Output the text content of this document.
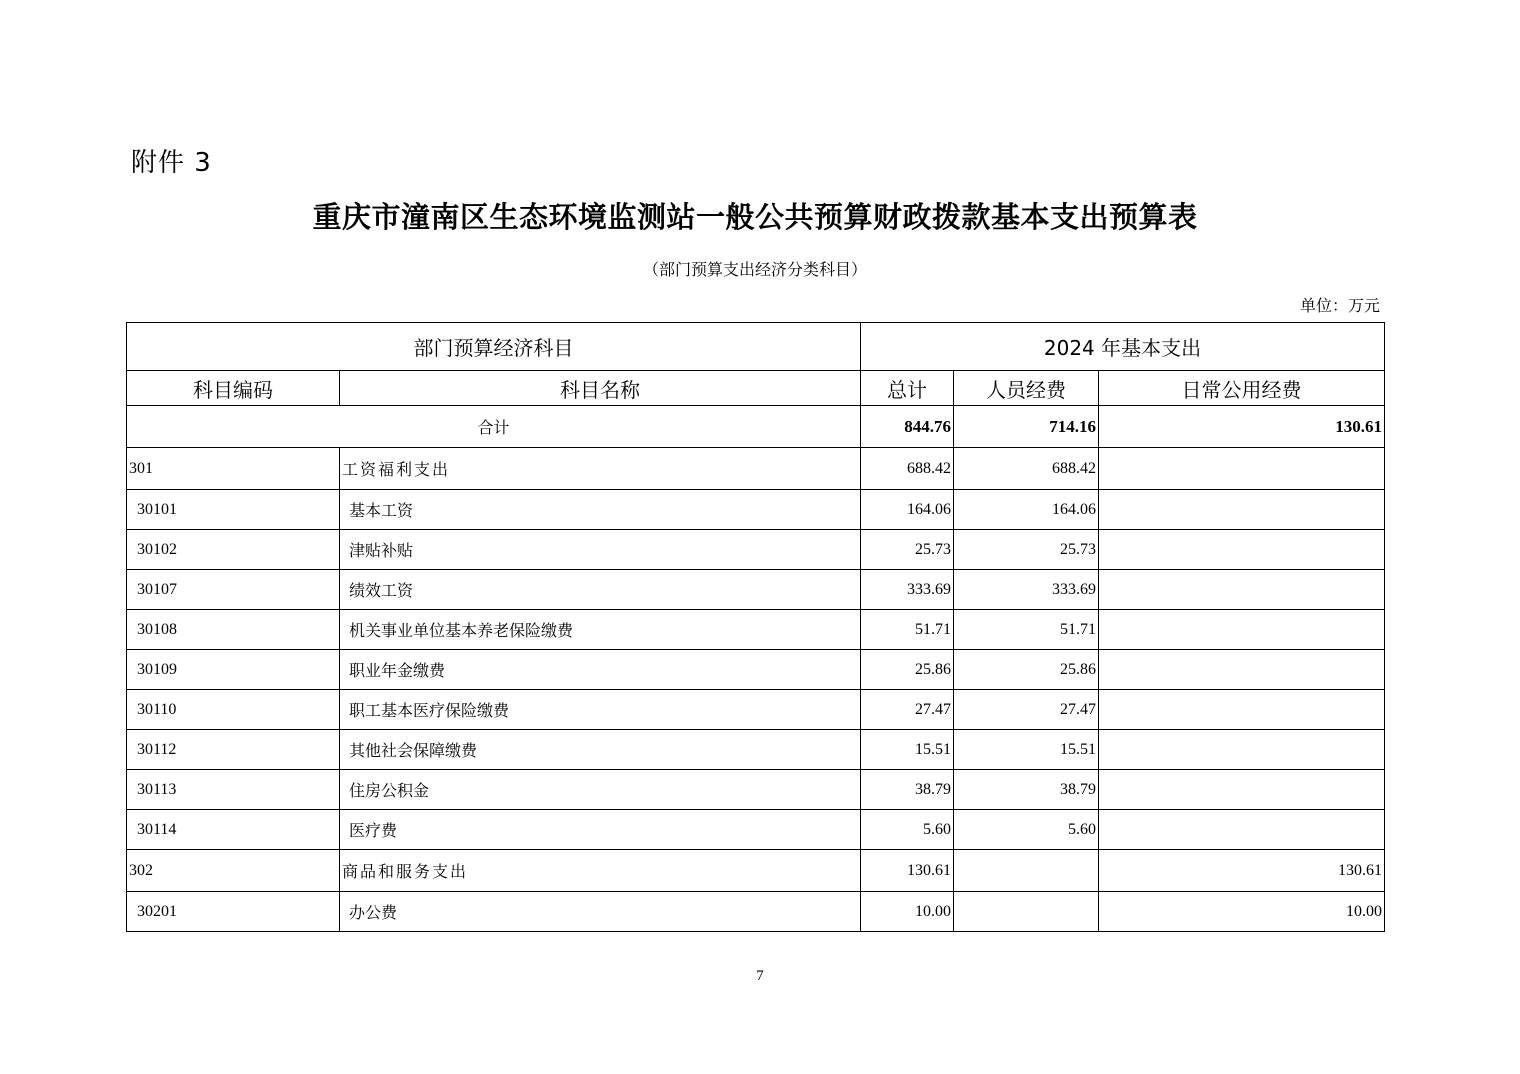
附件 3
重庆市潼南区生态环境监测站一般公共预算财政拨款基本支出预算表
（部门预算支出经济分类科目）
单位：万元
部门预算经济科目		2024 年基本支出		
科目编码	科目名称	总计	人员经费	日常公用经费
合计		844.76	714.16	130.61
301	工资福利支出	688.42	688.42	
30101	基本工资	164.06	164.06	
30102	津贴补贴	25.73	25.73	
30107	绩效工资	333.69	333.69	
30108	机关事业单位基本养老保险缴费	51.71	51.71	
30109	职业年金缴费	25.86	25.86	
30110	职工基本医疗保险缴费	27.47	27.47	
30112	其他社会保障缴费	15.51	15.51	
30113	住房公积金	38.79	38.79	
30114	医疗费	5.60	5.60	
302	商品和服务支出	130.61		130.61
30201	办公费	10.00		10.00
7
